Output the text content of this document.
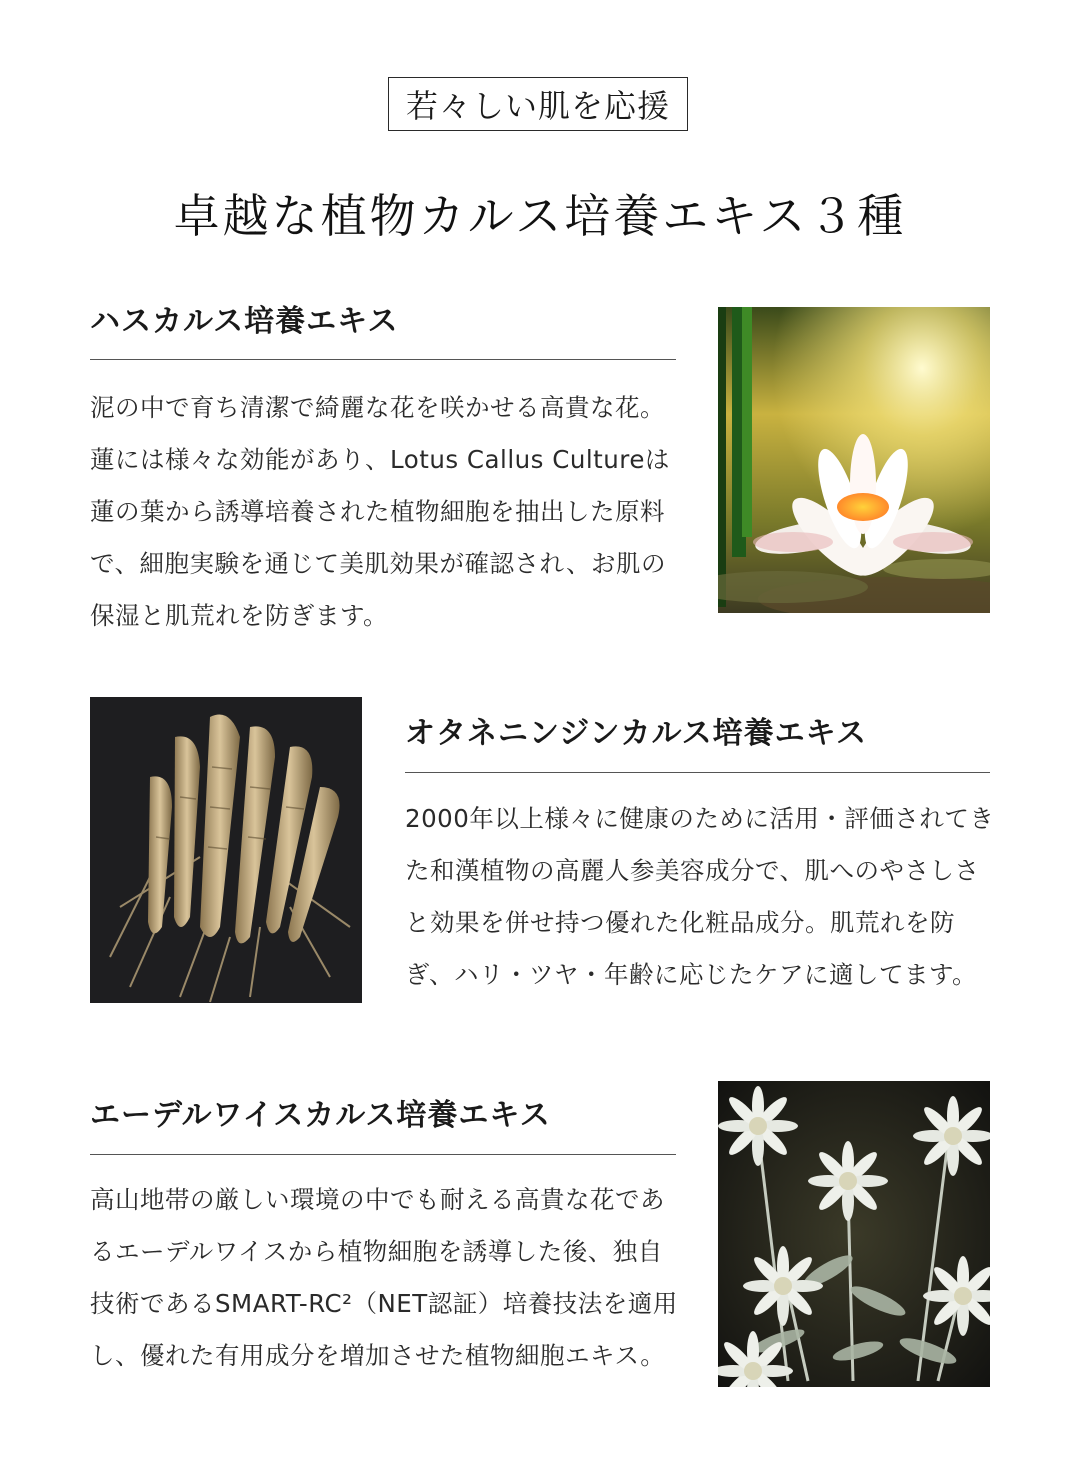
若々しい肌を応援
卓越な植物カルス培養エキス３種
ハスカルス培養エキス
泥の中で育ち清潔で綺麗な花を咲かせる高貴な花。蓮には様々な効能があり、Lotus Callus Cultureは蓮の葉から誘導培養された植物細胞を抽出した原料で、細胞実験を通じて美肌効果が確認され、お肌の保湿と肌荒れを防ぎます。
オタネニンジンカルス培養エキス
2000年以上様々に健康のために活用・評価されてきた和漢植物の高麗人参美容成分で、肌へのやさしさと効果を併せ持つ優れた化粧品成分。肌荒れを防ぎ、ハリ・ツヤ・年齢に応じたケアに適してます。
エーデルワイスカルス培養エキス
高山地帯の厳しい環境の中でも耐える高貴な花であるエーデルワイスから植物細胞を誘導した後、独自技術であるSMART-RC²（NET認証）培養技法を適用し、優れた有用成分を増加させた植物細胞エキス。
